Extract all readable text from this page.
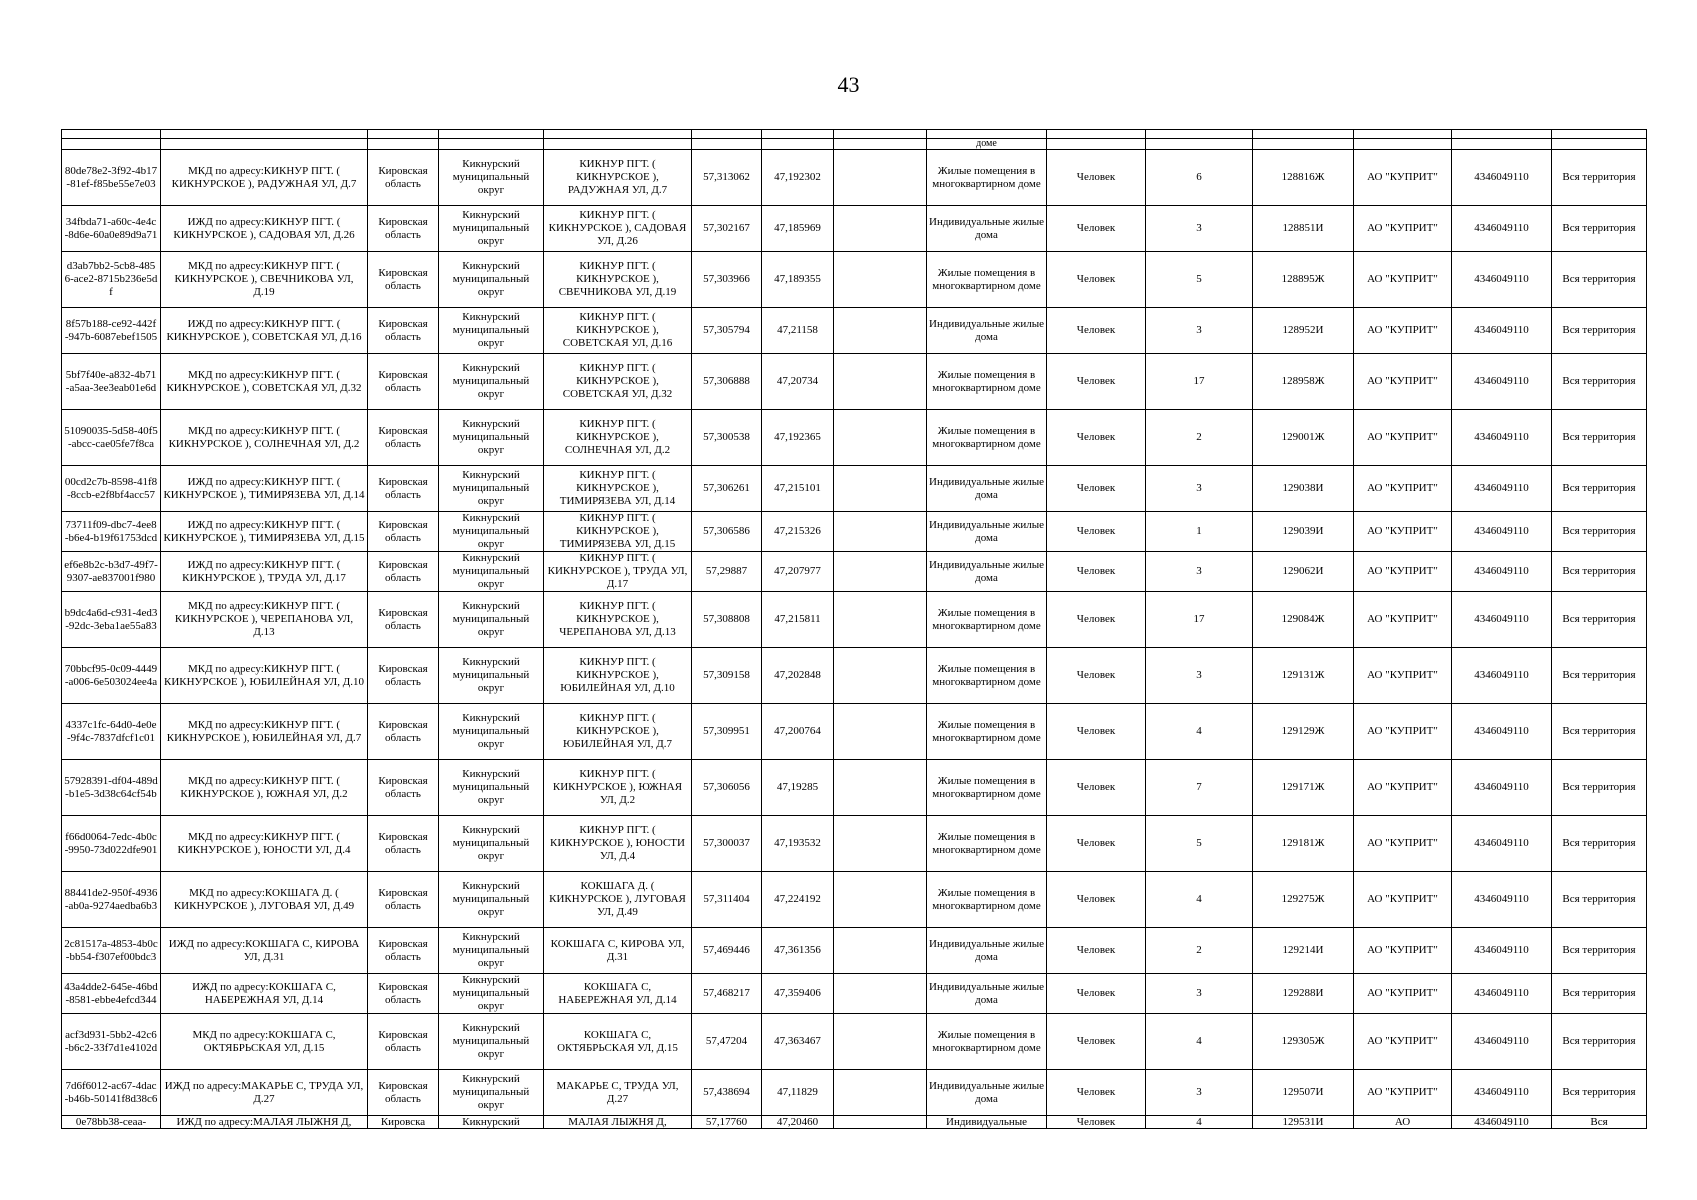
43

								доме						
80de78e2-3f92-4b17-81ef-f85be55e7e03	МКД по адресу:КИКНУР ПГТ. ( КИКНУРСКОЕ ), РАДУЖНАЯ УЛ, Д.7	Кировская область	Кикнурский муниципальный округ	КИКНУР ПГТ. ( КИКНУРСКОЕ ), РАДУЖНАЯ УЛ, Д.7	57,313062	47,192302		Жилые помещения в многоквартирном доме	Человек	6	128816Ж	АО "КУПРИТ"	4346049110	Вся территория
34fbda71-a60c-4e4c-8d6e-60a0e89d9a71	ИЖД по адресу:КИКНУР ПГТ. ( КИКНУРСКОЕ ), САДОВАЯ УЛ, Д.26	Кировская область	Кикнурский муниципальный округ	КИКНУР ПГТ. ( КИКНУРСКОЕ ), САДОВАЯ УЛ, Д.26	57,302167	47,185969		Индивидуальные жилые дома	Человек	3	128851И	АО "КУПРИТ"	4346049110	Вся территория
d3ab7bb2-5cb8-4856-ace2-8715b236e5df	МКД по адресу:КИКНУР ПГТ. ( КИКНУРСКОЕ ), СВЕЧНИКОВА УЛ, Д.19	Кировская область	Кикнурский муниципальный округ	КИКНУР ПГТ. ( КИКНУРСКОЕ ), СВЕЧНИКОВА УЛ, Д.19	57,303966	47,189355		Жилые помещения в многоквартирном доме	Человек	5	128895Ж	АО "КУПРИТ"	4346049110	Вся территория
8f57b188-ce92-442f-947b-6087ebef1505	ИЖД по адресу:КИКНУР ПГТ. ( КИКНУРСКОЕ ), СОВЕТСКАЯ УЛ, Д.16	Кировская область	Кикнурский муниципальный округ	КИКНУР ПГТ. ( КИКНУРСКОЕ ), СОВЕТСКАЯ УЛ, Д.16	57,305794	47,21158		Индивидуальные жилые дома	Человек	3	128952И	АО "КУПРИТ"	4346049110	Вся территория
5bf7f40e-a832-4b71-a5aa-3ee3eab01e6d	МКД по адресу:КИКНУР ПГТ. ( КИКНУРСКОЕ ), СОВЕТСКАЯ УЛ, Д.32	Кировская область	Кикнурский муниципальный округ	КИКНУР ПГТ. ( КИКНУРСКОЕ ), СОВЕТСКАЯ УЛ, Д.32	57,306888	47,20734		Жилые помещения в многоквартирном доме	Человек	17	128958Ж	АО "КУПРИТ"	4346049110	Вся территория
51090035-5d58-40f5-abcc-cae05fe7f8ca	МКД по адресу:КИКНУР ПГТ. ( КИКНУРСКОЕ ), СОЛНЕЧНАЯ УЛ, Д.2	Кировская область	Кикнурский муниципальный округ	КИКНУР ПГТ. ( КИКНУРСКОЕ ), СОЛНЕЧНАЯ УЛ, Д.2	57,300538	47,192365		Жилые помещения в многоквартирном доме	Человек	2	129001Ж	АО "КУПРИТ"	4346049110	Вся территория
00cd2c7b-8598-41f8-8ccb-e2f8bf4acc57	ИЖД по адресу:КИКНУР ПГТ. ( КИКНУРСКОЕ ), ТИМИРЯЗЕВА УЛ, Д.14	Кировская область	Кикнурский муниципальный округ	КИКНУР ПГТ. ( КИКНУРСКОЕ ), ТИМИРЯЗЕВА УЛ, Д.14	57,306261	47,215101		Индивидуальные жилые дома	Человек	3	129038И	АО "КУПРИТ"	4346049110	Вся территория
73711f09-dbc7-4ee8-b6e4-b19f61753dcd	ИЖД по адресу:КИКНУР ПГТ. ( КИКНУРСКОЕ ), ТИМИРЯЗЕВА УЛ, Д.15	Кировская область	Кикнурский муниципальный округ	КИКНУР ПГТ. ( КИКНУРСКОЕ ), ТИМИРЯЗЕВА УЛ, Д.15	57,306586	47,215326		Индивидуальные жилые дома	Человек	1	129039И	АО "КУПРИТ"	4346049110	Вся территория
ef6e8b2c-b3d7-49f7-9307-ae837001f980	ИЖД по адресу:КИКНУР ПГТ. ( КИКНУРСКОЕ ), ТРУДА УЛ, Д.17	Кировская область	Кикнурский муниципальный округ	КИКНУР ПГТ. ( КИКНУРСКОЕ ), ТРУДА УЛ, Д.17	57,29887	47,207977		Индивидуальные жилые дома	Человек	3	129062И	АО "КУПРИТ"	4346049110	Вся территория
b9dc4a6d-c931-4ed3-92dc-3eba1ae55a83	МКД по адресу:КИКНУР ПГТ. ( КИКНУРСКОЕ ), ЧЕРЕПАНОВА УЛ, Д.13	Кировская область	Кикнурский муниципальный округ	КИКНУР ПГТ. ( КИКНУРСКОЕ ), ЧЕРЕПАНОВА УЛ, Д.13	57,308808	47,215811		Жилые помещения в многоквартирном доме	Человек	17	129084Ж	АО "КУПРИТ"	4346049110	Вся территория
70bbcf95-0c09-4449-a006-6e503024ee4a	МКД по адресу:КИКНУР ПГТ. ( КИКНУРСКОЕ ), ЮБИЛЕЙНАЯ УЛ, Д.10	Кировская область	Кикнурский муниципальный округ	КИКНУР ПГТ. ( КИКНУРСКОЕ ), ЮБИЛЕЙНАЯ УЛ, Д.10	57,309158	47,202848		Жилые помещения в многоквартирном доме	Человек	3	129131Ж	АО "КУПРИТ"	4346049110	Вся территория
4337c1fc-64d0-4e0e-9f4c-7837dfcf1c01	МКД по адресу:КИКНУР ПГТ. ( КИКНУРСКОЕ ), ЮБИЛЕЙНАЯ УЛ, Д.7	Кировская область	Кикнурский муниципальный округ	КИКНУР ПГТ. ( КИКНУРСКОЕ ), ЮБИЛЕЙНАЯ УЛ, Д.7	57,309951	47,200764		Жилые помещения в многоквартирном доме	Человек	4	129129Ж	АО "КУПРИТ"	4346049110	Вся территория
57928391-df04-489d-b1e5-3d38c64cf54b	МКД по адресу:КИКНУР ПГТ. ( КИКНУРСКОЕ ), ЮЖНАЯ УЛ, Д.2	Кировская область	Кикнурский муниципальный округ	КИКНУР ПГТ. ( КИКНУРСКОЕ ), ЮЖНАЯ УЛ, Д.2	57,306056	47,19285		Жилые помещения в многоквартирном доме	Человек	7	129171Ж	АО "КУПРИТ"	4346049110	Вся территория
f66d0064-7edc-4b0c-9950-73d022dfe901	МКД по адресу:КИКНУР ПГТ. ( КИКНУРСКОЕ ), ЮНОСТИ УЛ, Д.4	Кировская область	Кикнурский муниципальный округ	КИКНУР ПГТ. ( КИКНУРСКОЕ ), ЮНОСТИ УЛ, Д.4	57,300037	47,193532		Жилые помещения в многоквартирном доме	Человек	5	129181Ж	АО "КУПРИТ"	4346049110	Вся территория
88441de2-950f-4936-ab0a-9274aedba6b3	МКД по адресу:КОКШАГА Д. ( КИКНУРСКОЕ ), ЛУГОВАЯ УЛ, Д.49	Кировская область	Кикнурский муниципальный округ	КОКШАГА Д. ( КИКНУРСКОЕ ), ЛУГОВАЯ УЛ, Д.49	57,311404	47,224192		Жилые помещения в многоквартирном доме	Человек	4	129275Ж	АО "КУПРИТ"	4346049110	Вся территория
2c81517a-4853-4b0c-bb54-f307ef00bdc3	ИЖД по адресу:КОКШАГА С, КИРОВА УЛ, Д.31	Кировская область	Кикнурский муниципальный округ	КОКШАГА С, КИРОВА УЛ, Д.31	57,469446	47,361356		Индивидуальные жилые дома	Человек	2	129214И	АО "КУПРИТ"	4346049110	Вся территория
43a4dde2-645e-46bd-8581-ebbe4efcd344	ИЖД по адресу:КОКШАГА С, НАБЕРЕЖНАЯ УЛ, Д.14	Кировская область	Кикнурский муниципальный округ	КОКШАГА С, НАБЕРЕЖНАЯ УЛ, Д.14	57,468217	47,359406		Индивидуальные жилые дома	Человек	3	129288И	АО "КУПРИТ"	4346049110	Вся территория
acf3d931-5bb2-42c6-b6c2-33f7d1e4102d	МКД по адресу:КОКШАГА С, ОКТЯБРЬСКАЯ УЛ, Д.15	Кировская область	Кикнурский муниципальный округ	КОКШАГА С, ОКТЯБРЬСКАЯ УЛ, Д.15	57,47204	47,363467		Жилые помещения в многоквартирном доме	Человек	4	129305Ж	АО "КУПРИТ"	4346049110	Вся территория
7d6f6012-ac67-4dac-b46b-50141f8d38c6	ИЖД по адресу:МАКАРЬЕ С, ТРУДА УЛ, Д.27	Кировская область	Кикнурский муниципальный округ	МАКАРЬЕ С, ТРУДА УЛ, Д.27	57,438694	47,11829		Индивидуальные жилые дома	Человек	3	129507И	АО "КУПРИТ"	4346049110	Вся территория
0e78bb38-ceaa-	ИЖД по адресу:МАЛАЯ ЛЫЖНЯ Д,	Кировска	Кикнурский	МАЛАЯ ЛЫЖНЯ Д,	57,17760	47,20460		Индивидуальные	Человек	4	129531И	АО	4346049110	Вся
